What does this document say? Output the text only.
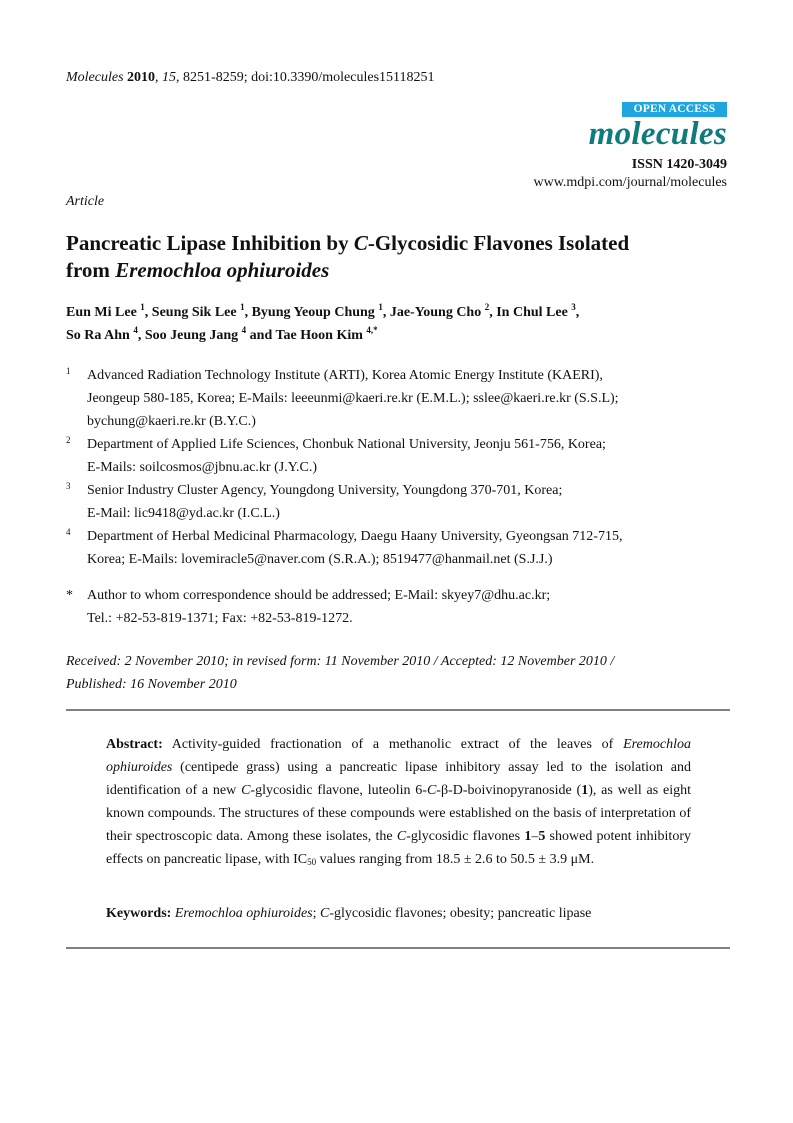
Molecules 2010, 15, 8251-8259; doi:10.3390/molecules15118251
OPEN ACCESS
molecules
ISSN 1420-3049
www.mdpi.com/journal/molecules
Article
Pancreatic Lipase Inhibition by C-Glycosidic Flavones Isolated
from Eremochloa ophiuroides
Eun Mi Lee $^1$, Seung Sik Lee $^1$, Byung Yeoup Chung $^1$, Jae-Young Cho $^2$, In Chul Lee $^3$,
So Ra Ahn $^4$, Soo Jeung Jang $^4$ and Tae Hoon Kim $^{4,*}$
1 Advanced Radiation Technology Institute (ARTI), Korea Atomic Energy Institute (KAERI),
Jeongeup 580-185, Korea; E-Mails: leeeunmi@kaeri.re.kr (E.M.L.); sslee@kaeri.re.kr (S.S.L);
bychung@kaeri.re.kr (B.Y.C.)
2 Department of Applied Life Sciences, Chonbuk National University, Jeonju 561-756, Korea;
E-Mails: soilcosmos@jbnu.ac.kr (J.Y.C.)
3 Senior Industry Cluster Agency, Youngdong University, Youngdong 370-701, Korea;
E-Mail: lic9418@yd.ac.kr (I.C.L.)
4 Department of Herbal Medicinal Pharmacology, Daegu Haany University, Gyeongsan 712-715,
Korea; E-Mails: lovemiracle5@naver.com (S.R.A.); 8519477@hanmail.net (S.J.J.)
*	Author to whom correspondence should be addressed; E-Mail: skyey7@dhu.ac.kr;
Tel.: +82-53-819-1371; Fax: +82-53-819-1272.
Received: 2 November 2010; in revised form: 11 November 2010 / Accepted: 12 November 2010 /
Published: 16 November 2010
Abstract: Activity-guided fractionation of a methanolic extract of the leaves of Eremochloa ophiuroides (centipede grass) using a pancreatic lipase inhibitory assay led to the isolation and identification of a new C-glycosidic flavone, luteolin 6-C-β-D-boivinopyranoside (1), as well as eight known compounds. The structures of these compounds were established on the basis of interpretation of their spectroscopic data. Among these isolates, the C-glycosidic flavones 1–5 showed potent inhibitory effects on pancreatic lipase, with $IC_{50}$ values ranging from 18.5 ± 2.6 to 50.5 ± 3.9 μM.
Keywords: Eremochloa ophiuroides; C-glycosidic flavones; obesity; pancreatic lipase
